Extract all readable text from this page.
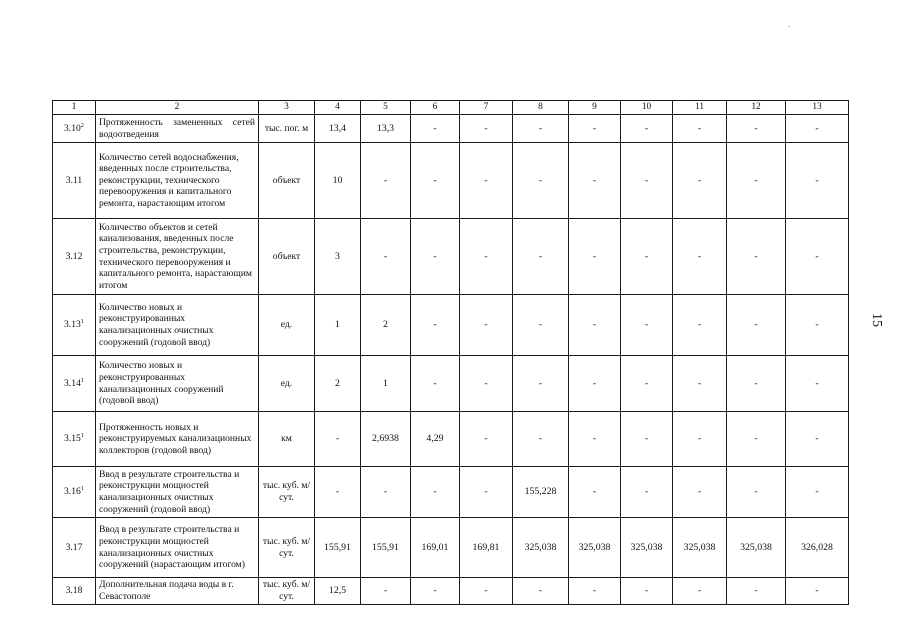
1	2	3	4	5	6	7	8	9	10	11	12	13
3.10$^2$	Протяженность замененных сетей водоотведения	тыс. пог. м	13,4	13,3	-	-	-	-	-	-	-	-
3.11	Количество сетей водоснабжения, введенных после строительства, реконструкции, технического перевооружения и капитального ремонта, нарастающим итогом	объект	10	-	-	-	-	-	-	-	-	-
3.12	Количество объектов и сетей канализования, введенных после строительства, реконструкции, технического перевооружения и капитального ремонта, нарастающим итогом	объект	3	-	-	-	-	-	-	-	-	-
3.13$^1$	Количество новых и реконструированных канализационных очистных сооружений (годовой ввод)	ед.	1	2	-	-	-	-	-	-	-	-
3.14$^1$	Количество новых и реконструированных канализационных сооружений (годовой ввод)	ед.	2	1	-	-	-	-	-	-	-	-
3.15$^1$	Протяженность новых и реконструируемых канализационных коллекторов (годовой ввод)	км	-	2,6938	4,29	-	-	-	-	-	-	-
3.16$^1$	Ввод в результате строительства и реконструкции мощностей канализационных очистных сооружений (годовой ввод)	тыс. куб. м/сут.	-	-	-	-	155,228	-	-	-	-	-
3.17	Ввод в результате строительства и реконструкции мощностей канализационных очистных сооружений (нарастающим итогом)	тыс. куб. м/сут.	155,91	155,91	169,01	169,81	325,038	325,038	325,038	325,038	325,038	326,028
3.18	Дополнительная подача воды в г. Севастополе	тыс. куб. м/сут.	12,5	-	-	-	-	-	-	-	-	-
15
